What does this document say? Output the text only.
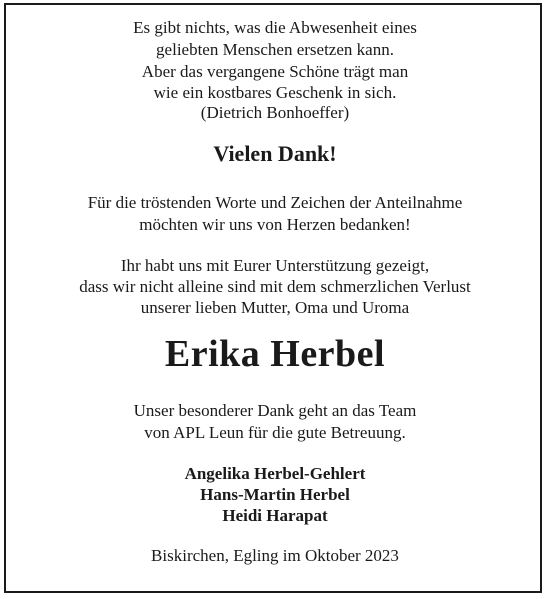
Es gibt nichts, was die Abwesenheit eines
geliebten Menschen ersetzen kann.
Aber das vergangene Schöne trägt man
wie ein kostbares Geschenk in sich.
(Dietrich Bonhoeffer)
Vielen Dank!
Für die tröstenden Worte und Zeichen der Anteilnahme
möchten wir uns von Herzen bedanken!
Ihr habt uns mit Eurer Unterstützung gezeigt,
dass wir nicht alleine sind mit dem schmerzlichen Verlust
unserer lieben Mutter, Oma und Uroma
Erika Herbel
Unser besonderer Dank geht an das Team
von APL Leun für die gute Betreuung.
Angelika Herbel-Gehlert
Hans-Martin Herbel
Heidi Harapat
Biskirchen, Egling im Oktober 2023
